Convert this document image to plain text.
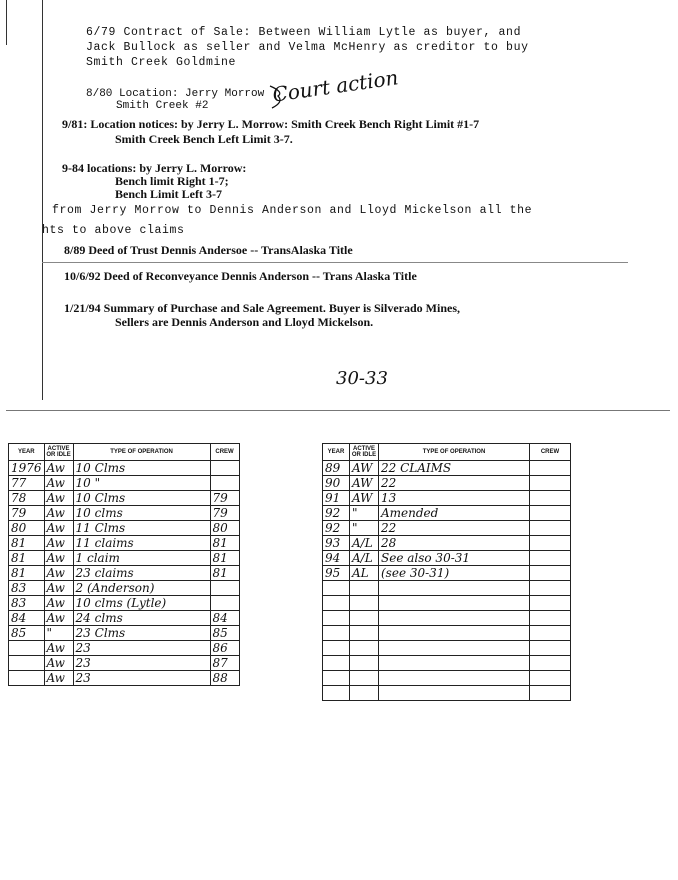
6/79 Contract of Sale: Between William Lytle as buyer, and
Jack Bullock as seller and Velma McHenry as creditor to buy
Smith Creek Goldmine
8/80 Location: Jerry Morrow
Smith Creek #2	Court action
9/81: Location notices: by Jerry L. Morrow: Smith Creek Bench Right Limit #1-7
Smith Creek Bench Left Limit 3-7.
9-84 locations: by Jerry L. Morrow:
Bench limit Right 1-7;
Bench Limit Left 3-7
from Jerry Morrow to Dennis Anderson and Lloyd Mickelson all the
hts to above claims
8/89 Deed of Trust Dennis Andersoe -- TransAlaska Title
10/6/92 Deed of Reconveyance Dennis Anderson -- Trans Alaska Title
1/21/94 Summary of Purchase and Sale Agreement. Buyer is Silverado Mines,
Sellers are Dennis Anderson and Lloyd Mickelson.
30-33
YEAR	ACTIVE OR IDLE	TYPE OF OPERATION	CREW
1976	Aw	10 Clms	
77	Aw	10 "	
78	Aw	10 Clms	79
79	Aw	10 clms	79
80	Aw	11 Clms	80
81	Aw	11 claims	81
81	Aw	1 claim	81
81	Aw	23 claims	81
83	Aw	2 (Anderson)	
83	Aw	10 clms (Lytle)	
84	Aw	24 clms	84
85	"	23 Clms	85
	Aw	23	86
	Aw	23	87
	Aw	23	88
YEAR	ACTIVE OR IDLE	TYPE OF OPERATION	CREW
89	AW	22 CLAIMS	
90	AW	22	
91	AW	13	
92	"	Amended	
92	"	22	
93	A/L	28	
94	A/L	See also 30-31	
95	AL	(see 30-31)	
